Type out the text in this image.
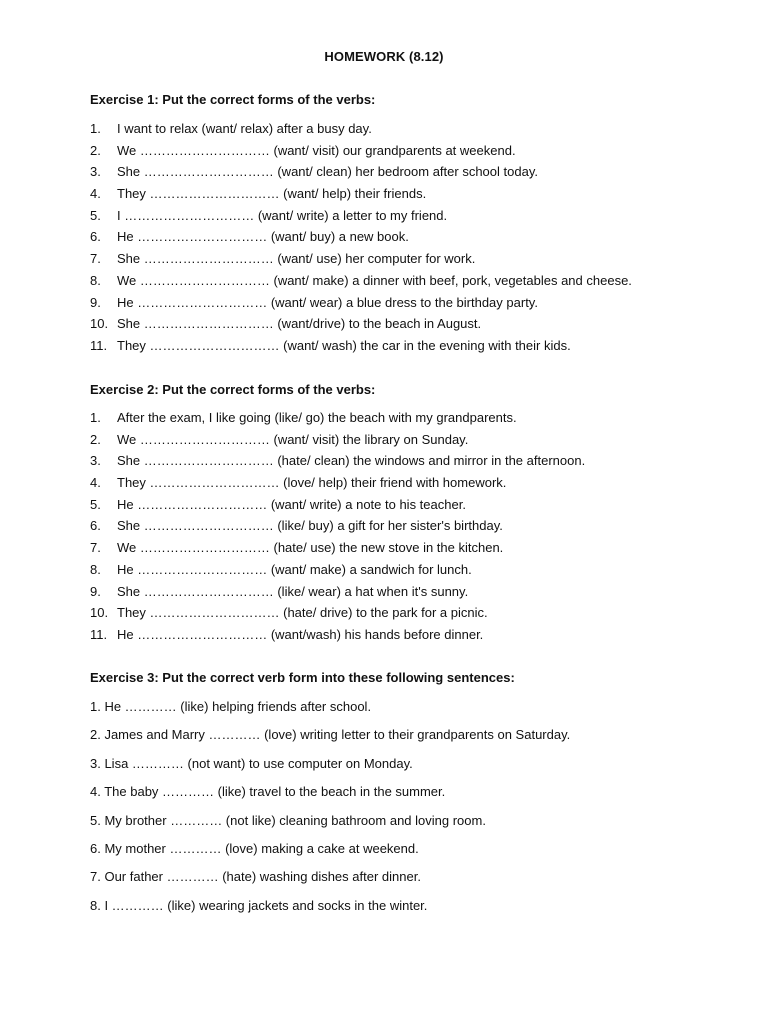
HOMEWORK (8.12)
Exercise 1: Put the correct forms of the verbs:
1. I want to relax (want/ relax) after a busy day.
2. We ………………………… (want/ visit) our grandparents at weekend.
3. She ………………………… (want/ clean) her bedroom after school today.
4. They ………………………… (want/ help) their friends.
5. I ………………………… (want/ write) a letter to my friend.
6. He ………………………… (want/ buy) a new book.
7. She ………………………… (want/ use) her computer for work.
8. We ………………………… (want/ make) a dinner with beef, pork, vegetables and cheese.
9. He ………………………… (want/ wear) a blue dress to the birthday party.
10. She ………………………… (want/drive) to the beach in August.
11. They ………………………… (want/ wash) the car in the evening with their kids.
Exercise 2: Put the correct forms of the verbs:
1. After the exam, I like going (like/ go) the beach with my grandparents.
2. We ………………………… (want/ visit) the library on Sunday.
3. She ………………………… (hate/ clean) the windows and mirror in the afternoon.
4. They ………………………… (love/ help) their friend with homework.
5. He ………………………… (want/ write) a note to his teacher.
6. She ………………………… (like/ buy) a gift for her sister's birthday.
7. We ………………………… (hate/ use) the new stove in the kitchen.
8. He ………………………… (want/ make) a sandwich for lunch.
9. She ………………………… (like/ wear) a hat when it's sunny.
10. They ………………………… (hate/ drive) to the park for a picnic.
11. He ………………………… (want/wash) his hands before dinner.
Exercise 3: Put the correct verb form into these following sentences:
1. He ………… (like) helping friends after school.
2. James and Marry ………… (love) writing letter to their grandparents on Saturday.
3. Lisa ………… (not want) to use computer on Monday.
4. The baby ………… (like) travel to the beach in the summer.
5. My brother ………… (not like) cleaning bathroom and loving room.
6. My mother ………… (love) making a cake at weekend.
7. Our father ………… (hate) washing dishes after dinner.
8. I ………… (like) wearing jackets and socks in the winter.
